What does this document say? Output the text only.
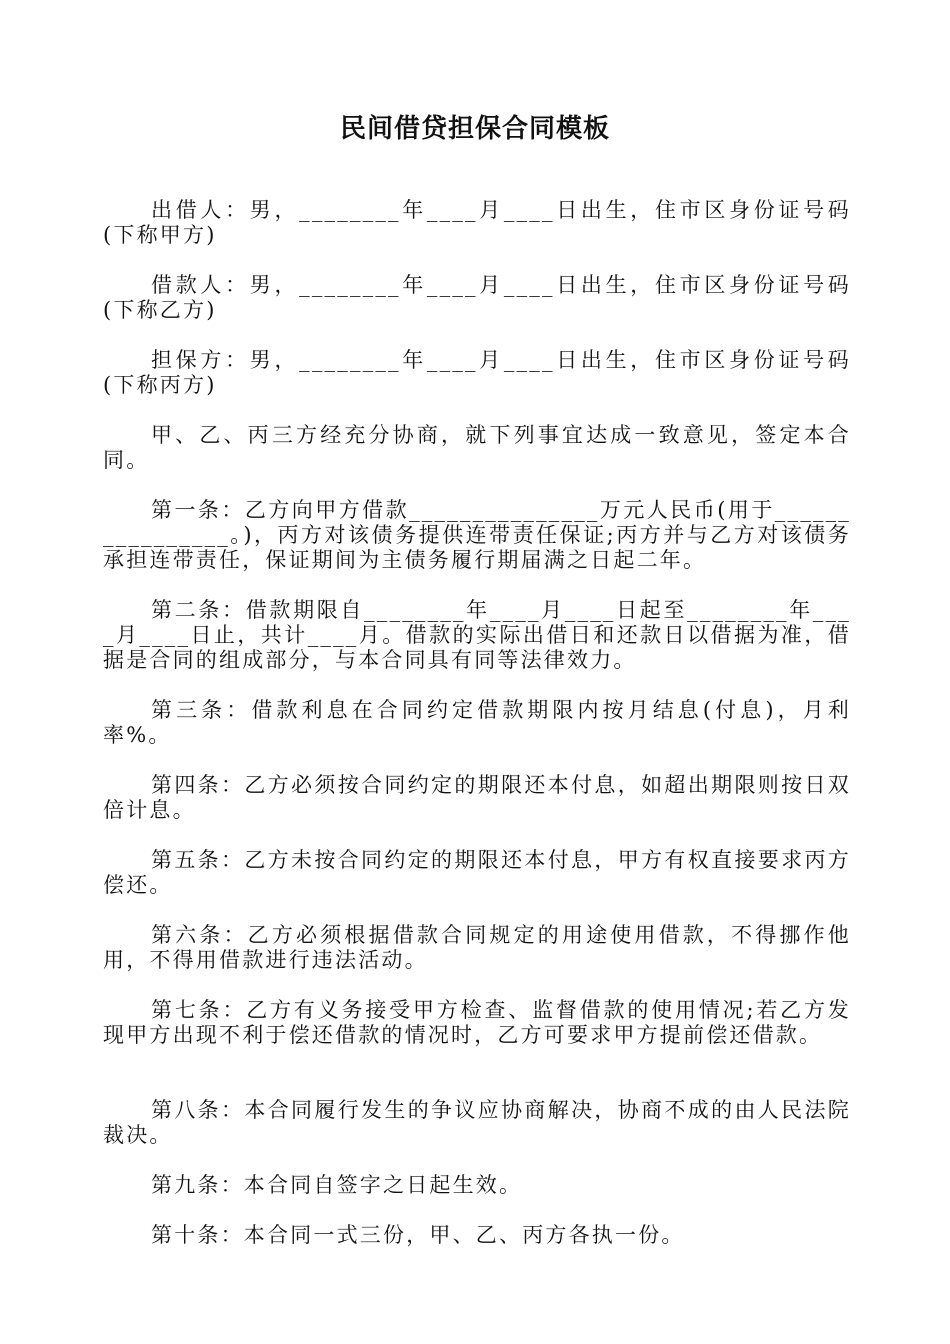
民间借贷担保合同模板

出借人：男，________年____月____日出生，住市区身份证号码(下称甲方)

借款人：男，________年____月____日出生，住市区身份证号码(下称乙方)

担保方：男，________年____月____日出生，住市区身份证号码(下称丙方)

甲、乙、丙三方经充分协商，就下列事宜达成一致意见，签定本合同。

第一条：乙方向甲方借款_______________万元人民币(用于________________。)，丙方对该债务提供连带责任保证;丙方并与乙方对该债务承担连带责任，保证期间为主债务履行期届满之日起二年。

第二条：借款期限自________年____月____日起至________年____月____日止，共计____月。借款的实际出借日和还款日以借据为准，借据是合同的组成部分，与本合同具有同等法律效力。

第三条：借款利息在合同约定借款期限内按月结息(付息)，月利率%。

第四条：乙方必须按合同约定的期限还本付息，如超出期限则按日双倍计息。

第五条：乙方未按合同约定的期限还本付息，甲方有权直接要求丙方偿还。

第六条：乙方必须根据借款合同规定的用途使用借款，不得挪作他用，不得用借款进行违法活动。

第七条：乙方有义务接受甲方检查、监督借款的使用情况;若乙方发现甲方出现不利于偿还借款的情况时，乙方可要求甲方提前偿还借款。

第八条：本合同履行发生的争议应协商解决，协商不成的由人民法院裁决。

第九条：本合同自签字之日起生效。

第十条：本合同一式三份，甲、乙、丙方各执一份。
